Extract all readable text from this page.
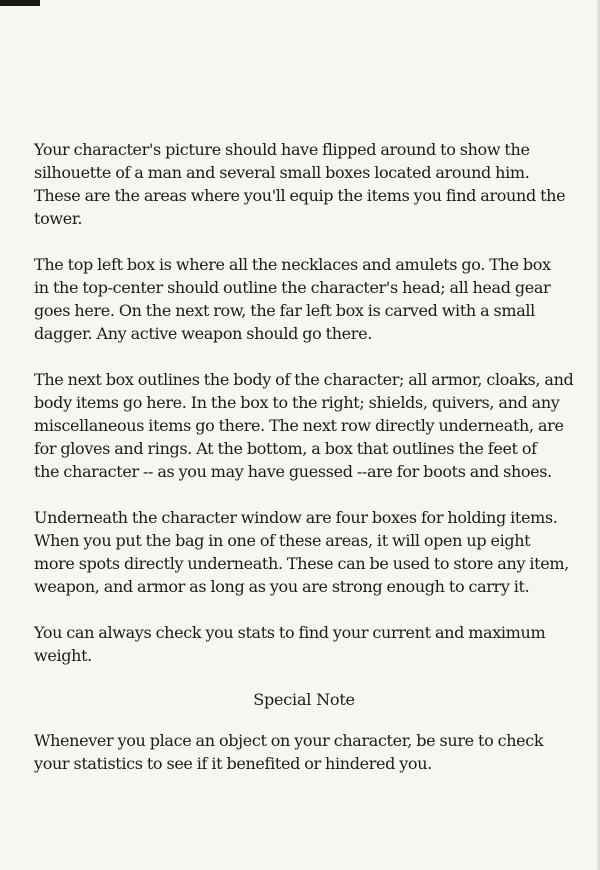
Your character's picture should have flipped around to show the
silhouette of a man and several small boxes located around him.
These are the areas where you'll equip the items you find around the
tower.

The top left box is where all the necklaces and amulets go. The box
in the top-center should outline the character's head; all head gear
goes here. On the next row, the far left box is carved with a small
dagger. Any active weapon should go there.

The next box outlines the body of the character; all armor, cloaks, and
body items go here. In the box to the right; shields, quivers, and any
miscellaneous items go there. The next row directly underneath, are
for gloves and rings. At the bottom, a box that outlines the feet of
the character -- as you may have guessed --are for boots and shoes.

Underneath the character window are four boxes for holding items.
When you put the bag in one of these areas, it will open up eight
more spots directly underneath. These can be used to store any item,
weapon, and armor as long as you are strong enough to carry it.

You can always check you stats to find your current and maximum
weight.

Special Note

Whenever you place an object on your character, be sure to check
your statistics to see if it benefited or hindered you.
